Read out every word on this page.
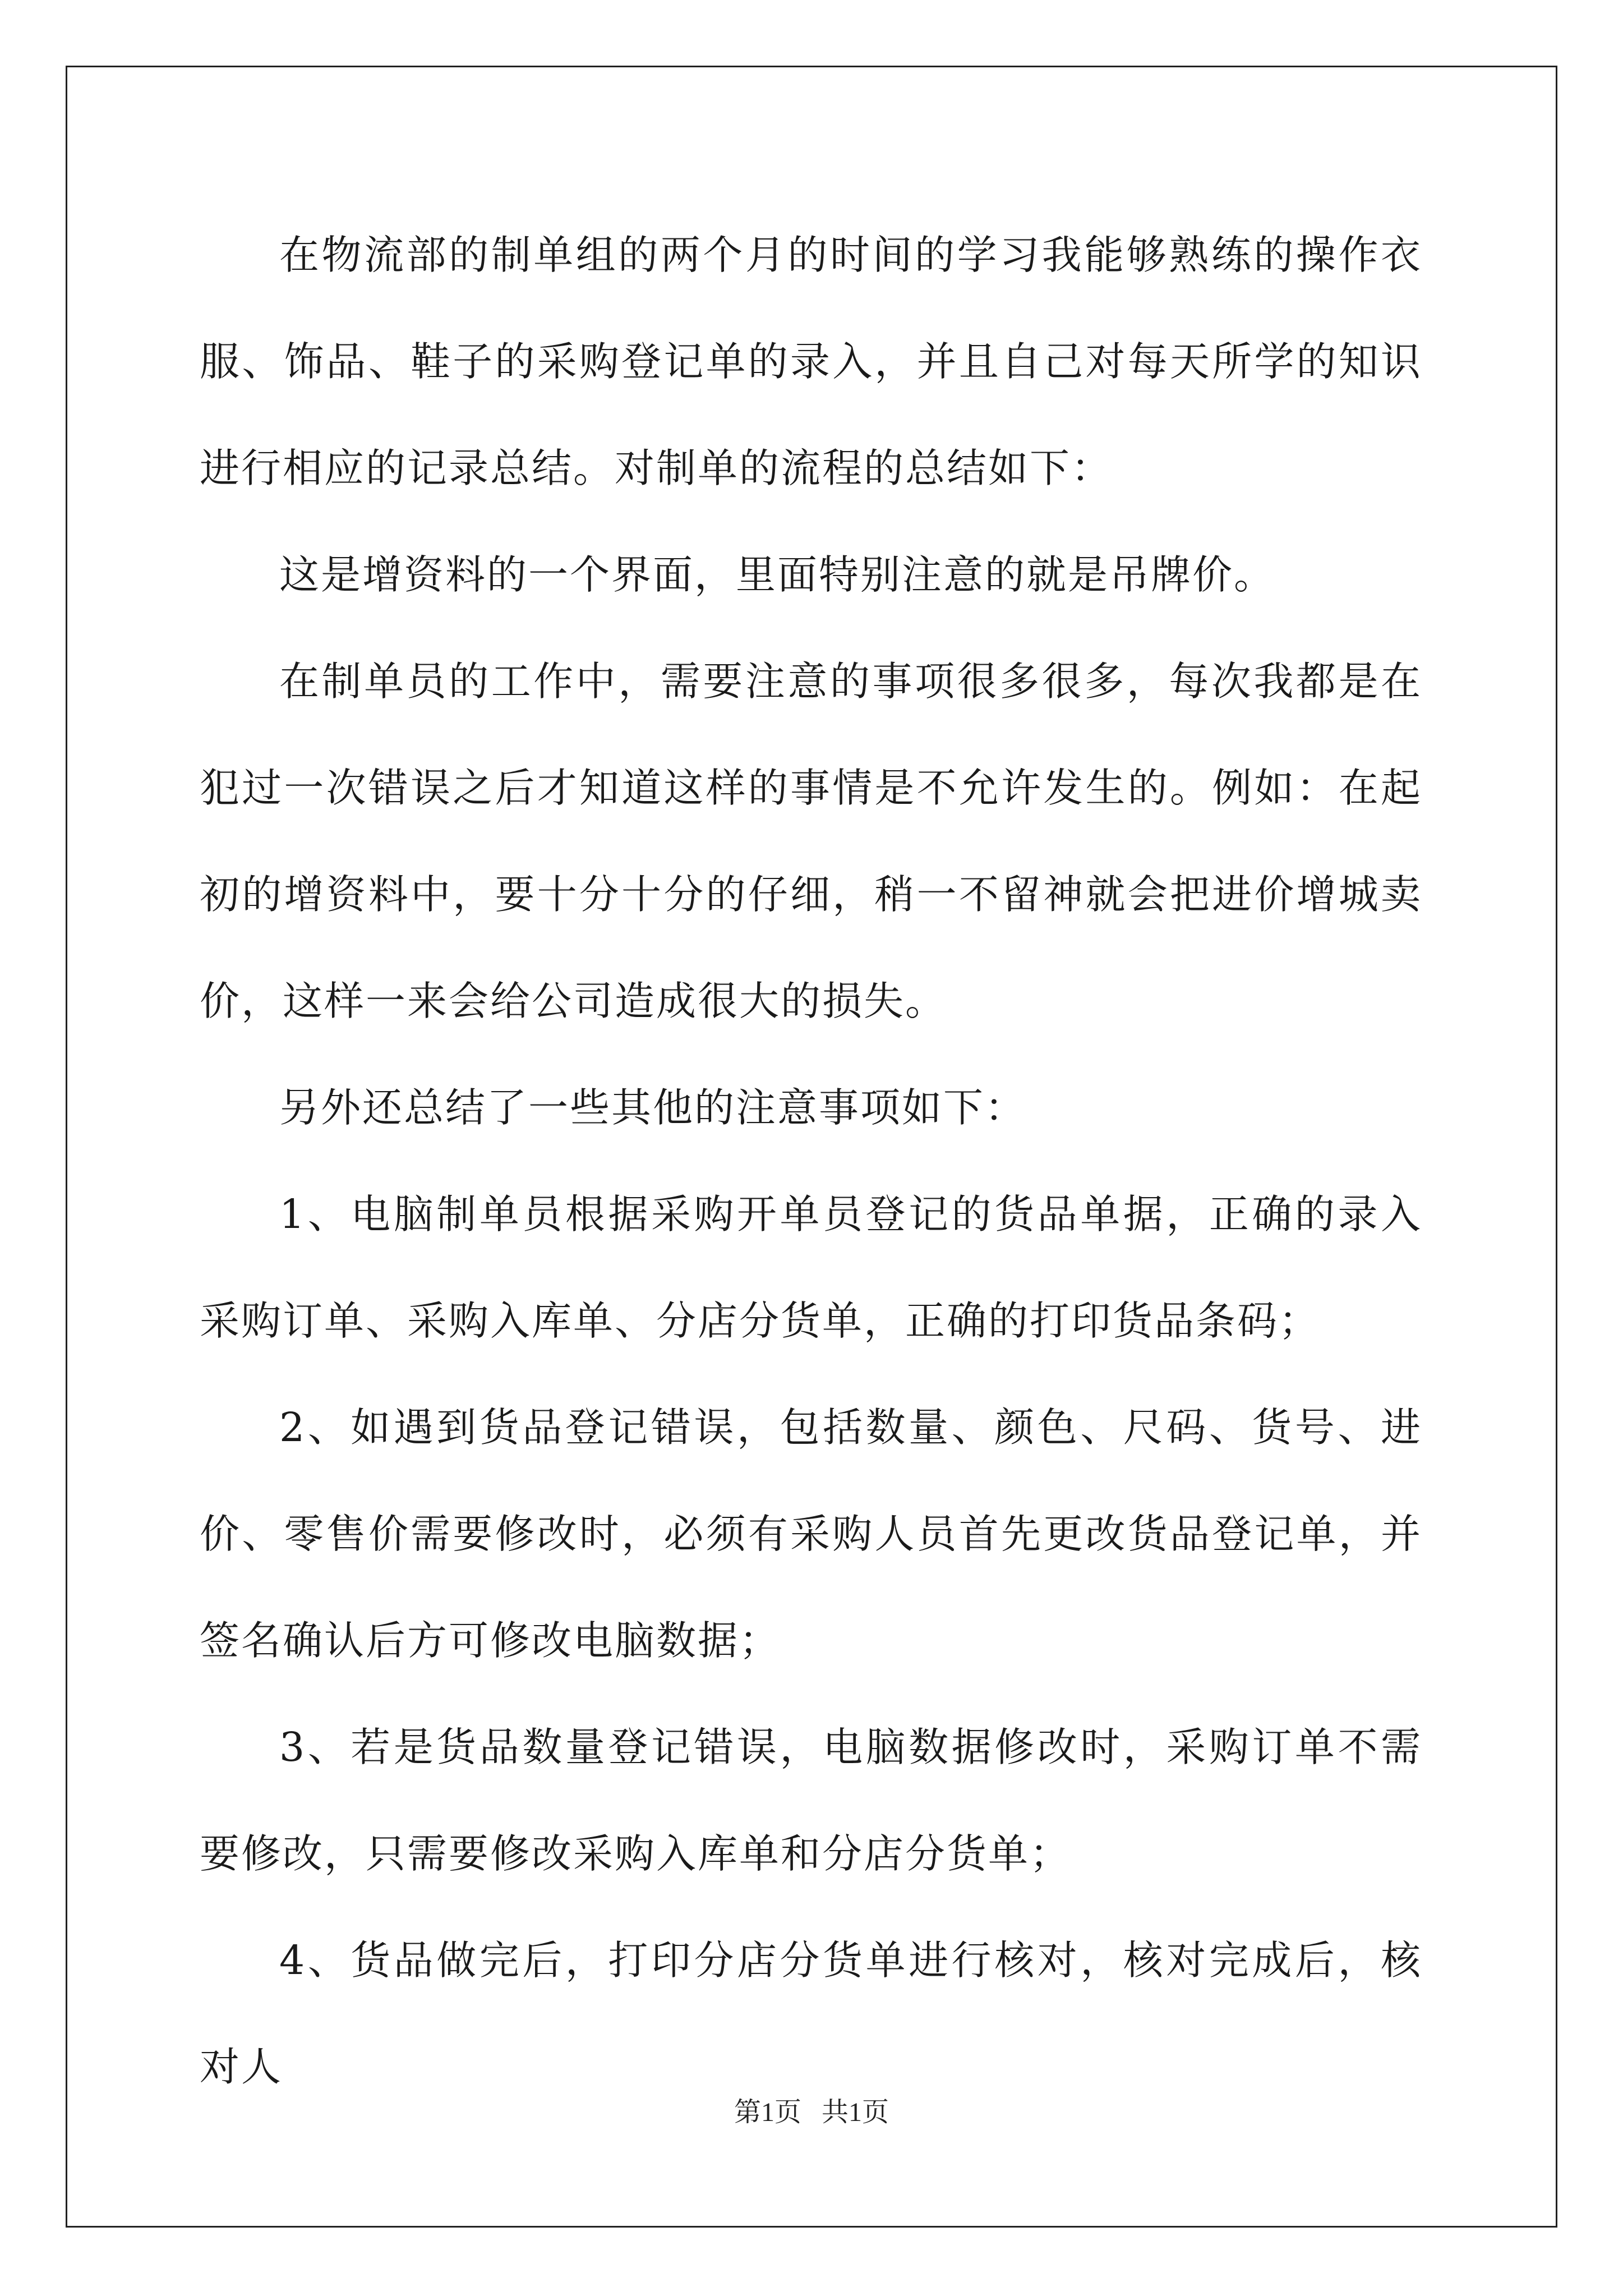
在物流部的制单组的两个月的时间的学习我能够熟练的操作衣服、饰品、鞋子的采购登记单的录入，并且自己对每天所学的知识进行相应的记录总结。对制单的流程的总结如下：

这是增资料的一个界面，里面特别注意的就是吊牌价。

在制单员的工作中，需要注意的事项很多很多，每次我都是在犯过一次错误之后才知道这样的事情是不允许发生的。例如：在起初的增资料中，要十分十分的仔细，稍一不留神就会把进价增城卖价，这样一来会给公司造成很大的损失。

另外还总结了一些其他的注意事项如下：

1、电脑制单员根据采购开单员登记的货品单据，正确的录入采购订单、采购入库单、分店分货单，正确的打印货品条码；

2、如遇到货品登记错误，包括数量、颜色、尺码、货号、进价、零售价需要修改时，必须有采购人员首先更改货品登记单，并签名确认后方可修改电脑数据；

3、若是货品数量登记错误，电脑数据修改时，采购订单不需要修改，只需要修改采购入库单和分店分货单；

4、货品做完后，打印分店分货单进行核对，核对完成后，核对人

第1页 共1页
